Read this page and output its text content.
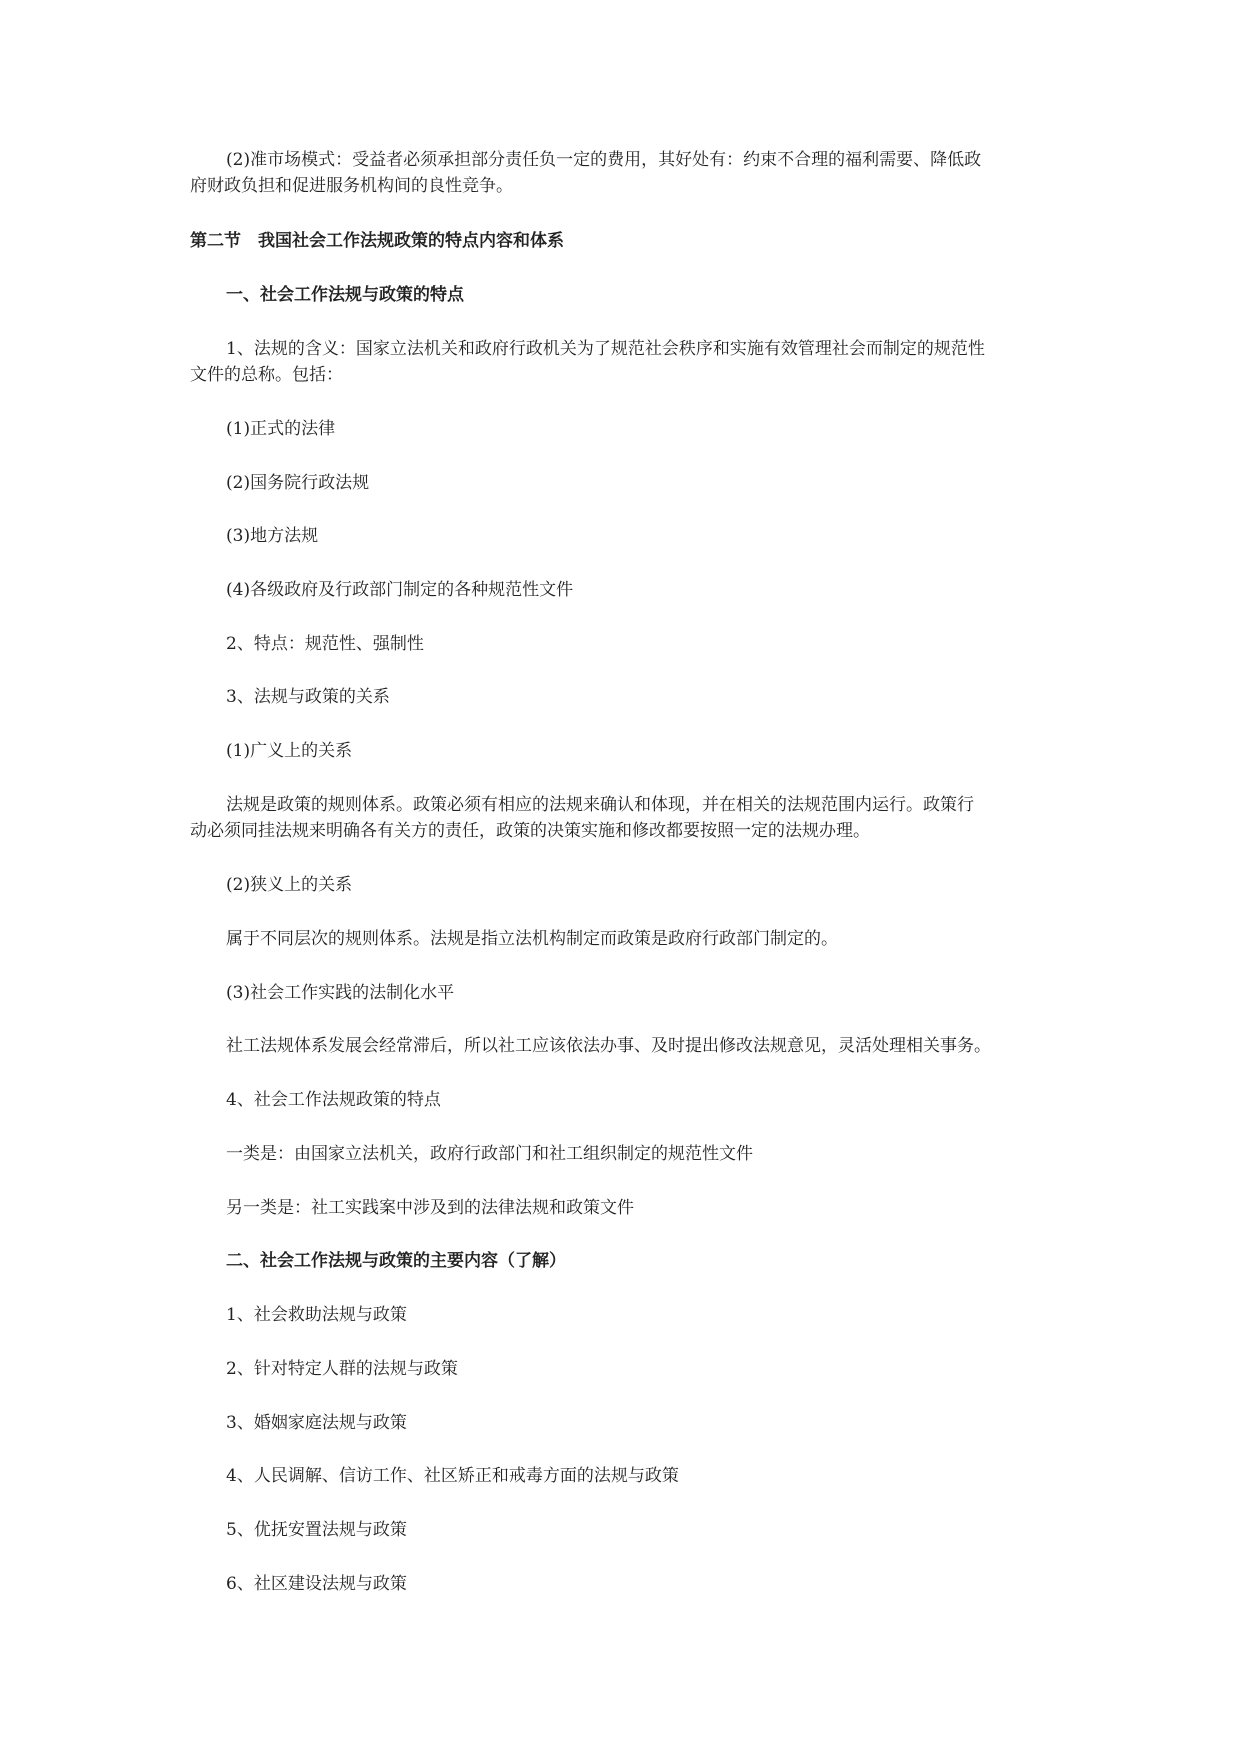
(2)准市场模式：受益者必须承担部分责任负一定的费用，其好处有：约束不合理的福利需要、降低政

府财政负担和促进服务机构间的良性竞争。

第二节　我国社会工作法规政策的特点内容和体系

一、社会工作法规与政策的特点

1、法规的含义：国家立法机关和政府行政机关为了规范社会秩序和实施有效管理社会而制定的规范性

文件的总称。包括：

(1)正式的法律

(2)国务院行政法规

(3)地方法规

(4)各级政府及行政部门制定的各种规范性文件

2、特点：规范性、强制性

3、法规与政策的关系

(1)广义上的关系

法规是政策的规则体系。政策必须有相应的法规来确认和体现，并在相关的法规范围内运行。政策行

动必须同挂法规来明确各有关方的责任，政策的决策实施和修改都要按照一定的法规办理。

(2)狭义上的关系

属于不同层次的规则体系。法规是指立法机构制定而政策是政府行政部门制定的。

(3)社会工作实践的法制化水平

社工法规体系发展会经常滞后，所以社工应该依法办事、及时提出修改法规意见，灵活处理相关事务。

4、社会工作法规政策的特点

一类是：由国家立法机关，政府行政部门和社工组织制定的规范性文件

另一类是：社工实践案中涉及到的法律法规和政策文件

二、社会工作法规与政策的主要内容（了解）

1、社会救助法规与政策

2、针对特定人群的法规与政策

3、婚姻家庭法规与政策

4、人民调解、信访工作、社区矫正和戒毒方面的法规与政策

5、优抚安置法规与政策

6、社区建设法规与政策
